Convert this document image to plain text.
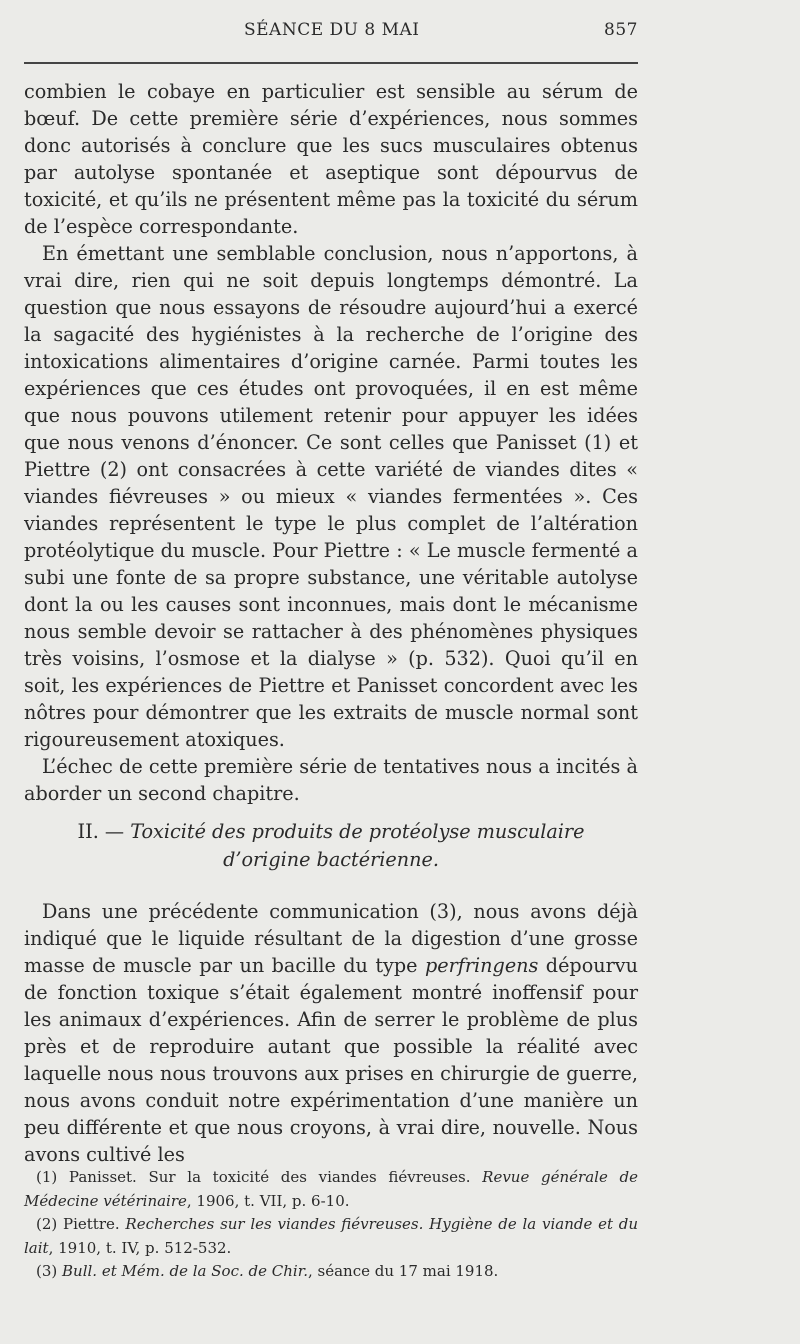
SÉANCE DU 8 MAI	857

combien le cobaye en particulier est sensible au sérum de bœuf. De cette première série d’expériences, nous sommes donc autorisés à conclure que les sucs musculaires obtenus par autolyse spontanée et aseptique sont dépourvus de toxicité, et qu’ils ne présentent même pas la toxicité du sérum de l’espèce correspondante.

En émettant une semblable conclusion, nous n’apportons, à vrai dire, rien qui ne soit depuis longtemps démontré. La question que nous essayons de résoudre aujourd’hui a exercé la sagacité des hygiénistes à la recherche de l’origine des intoxications alimentaires d’origine carnée. Parmi toutes les expériences que ces études ont provoquées, il en est même que nous pouvons utilement retenir pour appuyer les idées que nous venons d’énoncer. Ce sont celles que Panisset (1) et Piettre (2) ont consacrées à cette variété de viandes dites « viandes fiévreuses » ou mieux « viandes fermentées ». Ces viandes représentent le type le plus complet de l’altération protéolytique du muscle. Pour Piettre : « Le muscle fermenté a subi une fonte de sa propre substance, une véritable autolyse dont la ou les causes sont inconnues, mais dont le mécanisme nous semble devoir se rattacher à des phénomènes physiques très voisins, l’osmose et la dialyse » (p. 532). Quoi qu’il en soit, les expériences de Piettre et Panisset concordent avec les nôtres pour démontrer que les extraits de muscle normal sont rigoureusement atoxiques.

L’échec de cette première série de tentatives nous a incités à aborder un second chapitre.

II. — Toxicité des produits de protéolyse musculaire
d’origine bactérienne.

Dans une précédente communication (3), nous avons déjà indiqué que le liquide résultant de la digestion d’une grosse masse de muscle par un bacille du type perfringens dépourvu de fonction toxique s’était également montré inoffensif pour les animaux d’expériences. Afin de serrer le problème de plus près et de reproduire autant que possible la réalité avec laquelle nous nous trouvons aux prises en chirurgie de guerre, nous avons conduit notre expérimentation d’une manière un peu différente et que nous croyons, à vrai dire, nouvelle. Nous avons cultivé les

(1) Panisset. Sur la toxicité des viandes fiévreuses. Revue générale de Médecine vétérinaire, 1906, t. VII, p. 6-10.

(2) Piettre. Recherches sur les viandes fiévreuses. Hygiène de la viande et du lait, 1910, t. IV, p. 512-532.

(3) Bull. et Mém. de la Soc. de Chir., séance du 17 mai 1918.
